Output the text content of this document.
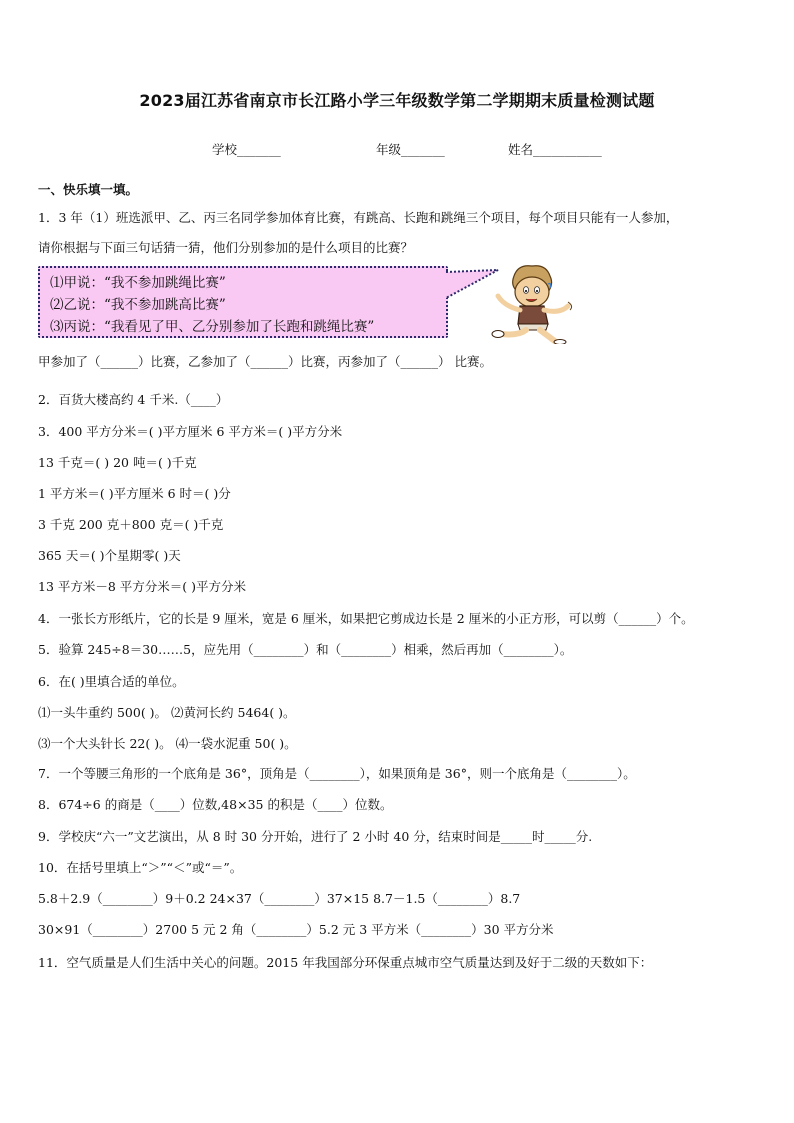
2023届江苏省南京市长江路小学三年级数学第二学期期末质量检测试题
学校_______	年级_______	姓名___________
一、快乐填一填。
1．3 年（1）班选派甲、乙、丙三名同学参加体育比赛，有跳高、长跑和跳绳三个项目，每个项目只能有一人参加，
请你根据与下面三句话猜一猜，他们分别参加的是什么项目的比赛？
⑴甲说：“我不参加跳绳比赛”
⑵乙说：“我不参加跳高比赛”
⑶丙说：“我看见了甲、乙分别参加了长跑和跳绳比赛”
甲参加了（______）比赛，乙参加了（______）比赛，丙参加了（______） 比赛。
2．百货大楼高约 4 千米.（____）
3．400 平方分米＝( )平方厘米 6 平方米＝( )平方分米
13 千克＝( ) 20 吨＝( )千克
1 平方米＝( )平方厘米 6 时＝( )分
3 千克 200 克＋800 克＝( )千克
365 天＝( )个星期零( )天
13 平方米－8 平方分米＝( )平方分米
4．一张长方形纸片，它的长是 9 厘米，宽是 6 厘米，如果把它剪成边长是 2 厘米的小正方形，可以剪（______）个。
5．验算 245÷8＝30……5，应先用（________）和（________）相乘，然后再加（________）。
6．在( )里填合适的单位。
⑴一头牛重约 500( )。 ⑵黄河长约 5464( )。
⑶一个大头针长 22( )。 ⑷一袋水泥重 50( )。
7．一个等腰三角形的一个底角是 36°，顶角是（________），如果顶角是 36°，则一个底角是（________）。
8．674÷6 的商是（____）位数,48×35 的积是（____）位数。
9．学校庆“六一”文艺演出，从 8 时 30 分开始，进行了 2 小时 40 分，结束时间是_____时_____分.
10．在括号里填上“＞”“＜”或“＝”。
5.8＋2.9（________）9＋0.2 24×37（________）37×15 8.7－1.5（________）8.7
30×91（________）2700 5 元 2 角（________）5.2 元 3 平方米（________）30 平方分米
11．空气质量是人们生活中关心的问题。2015 年我国部分环保重点城市空气质量达到及好于二级的天数如下：
